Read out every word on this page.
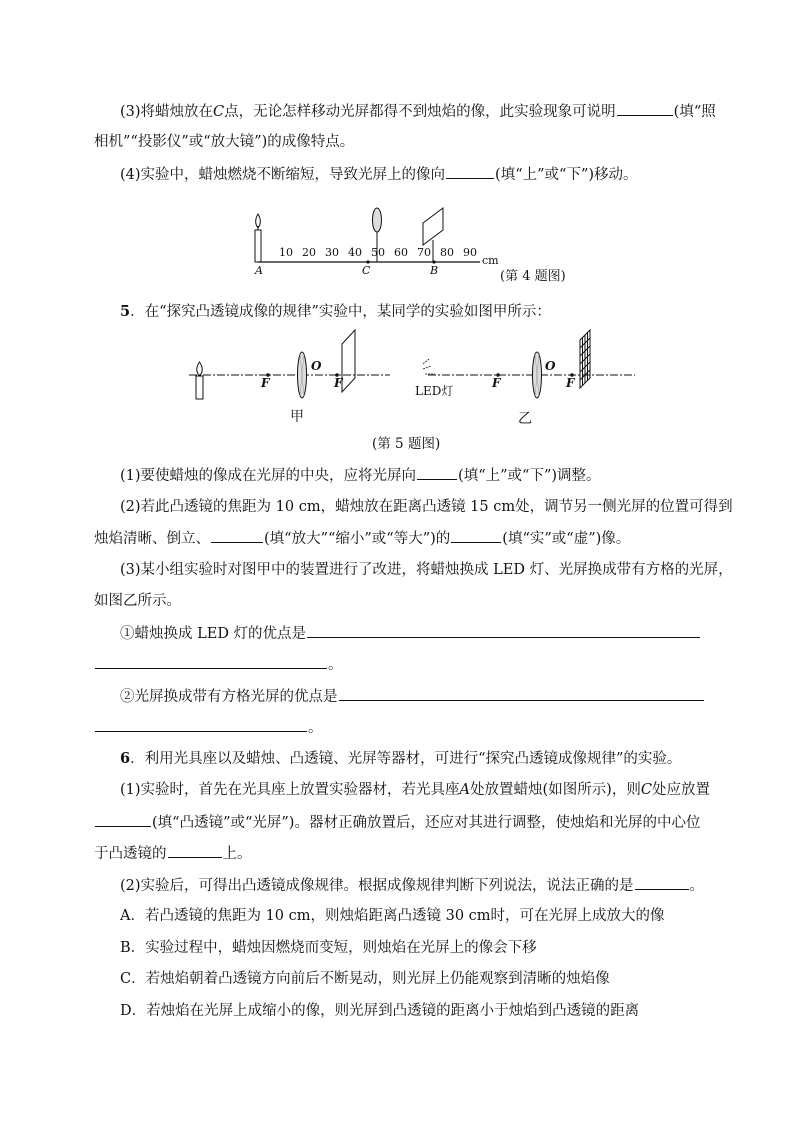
(3)将蜡烛放在C点，无论怎样移动光屏都得不到烛焰的像，此实验现象可说明	(填“照
相机”“投影仪”或“放大镜”)的成像特点。
(4)实验中，蜡烛燃烧不断缩短，导致光屏上的像向	(填“上”或“下”)移动。
10 20 30 40 50 60 70 80 90
cm
A	C	B	(第 4 题图)
5．在“探究凸透镜成像的规律”实验中，某同学的实验如图甲所示：
F
O
F
LED灯
F
O
F
甲	乙
(第 5 题图)
(1)要使蜡烛的像成在光屏的中央，应将光屏向	(填“上”或“下”)调整。
(2)若此凸透镜的焦距为 10 cm，蜡烛放在距离凸透镜 15 cm处，调节另一侧光屏的位置可得到
烛焰清晰、倒立、	(填“放大”“缩小”或“等大”)的	(填“实”或“虚”)像。
(3)某小组实验时对图甲中的装置进行了改进，将蜡烛换成 LED 灯、光屏换成带有方格的光屏，
如图乙所示。
①蜡烛换成 LED 灯的优点是
。
②光屏换成带有方格光屏的优点是
。
6．利用光具座以及蜡烛、凸透镜、光屏等器材，可进行“探究凸透镜成像规律”的实验。
(1)实验时，首先在光具座上放置实验器材，若光具座A处放置蜡烛(如图所示)，则C处应放置
(填“凸透镜”或“光屏”)。器材正确放置后，还应对其进行调整，使烛焰和光屏的中心位
于凸透镜的	上。
(2)实验后，可得出凸透镜成像规律。根据成像规律判断下列说法，说法正确的是	。
A．若凸透镜的焦距为 10 cm，则烛焰距离凸透镜 30 cm时，可在光屏上成放大的像
B．实验过程中，蜡烛因燃烧而变短，则烛焰在光屏上的像会下移
C．若烛焰朝着凸透镜方向前后不断晃动，则光屏上仍能观察到清晰的烛焰像
D．若烛焰在光屏上成缩小的像，则光屏到凸透镜的距离小于烛焰到凸透镜的距离
